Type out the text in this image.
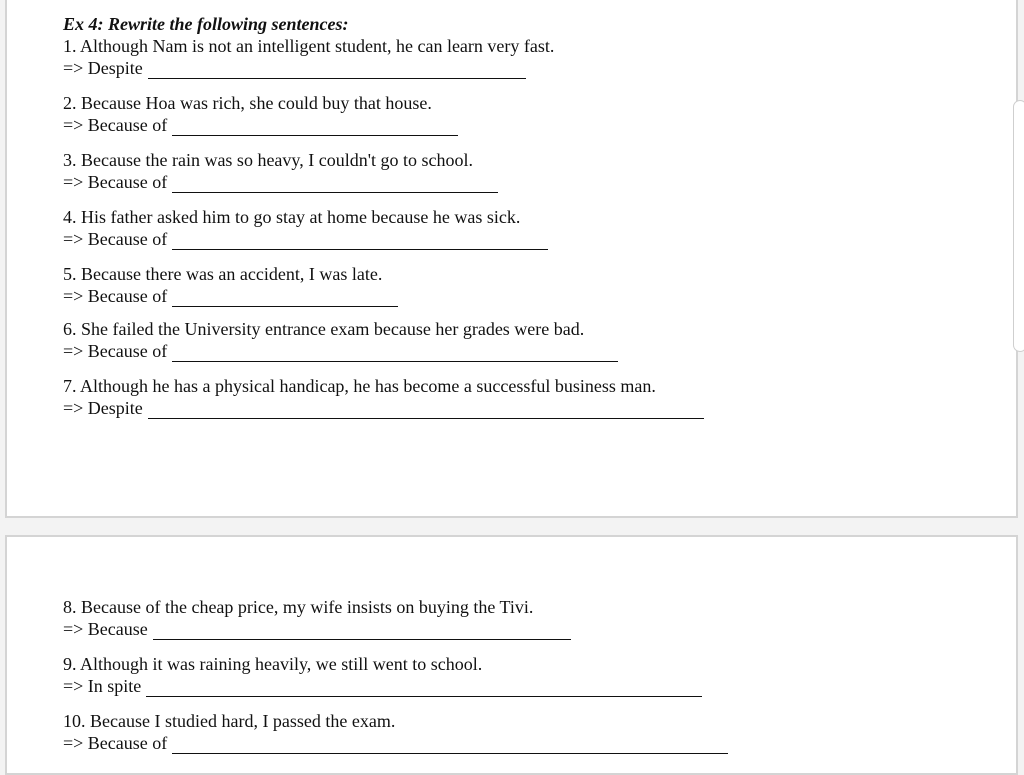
Ex 4: Rewrite the following sentences:
1. Although Nam is not an intelligent student, he can learn very fast.
=> Despite
2. Because Hoa was rich, she could buy that house.
=> Because of
3. Because the rain was so heavy, I couldn't go to school.
=> Because of
4. His father asked him to go stay at home because he was sick.
=> Because of
5. Because there was an accident, I was late.
=> Because of
6. She failed the University entrance exam because her grades were bad.
=> Because of
7. Although he has a physical handicap, he has become a successful business man.
=> Despite
8. Because of the cheap price, my wife insists on buying the Tivi.
=> Because
9. Although it was raining heavily, we still went to school.
=> In spite
10. Because I studied hard, I passed the exam.
=> Because of
